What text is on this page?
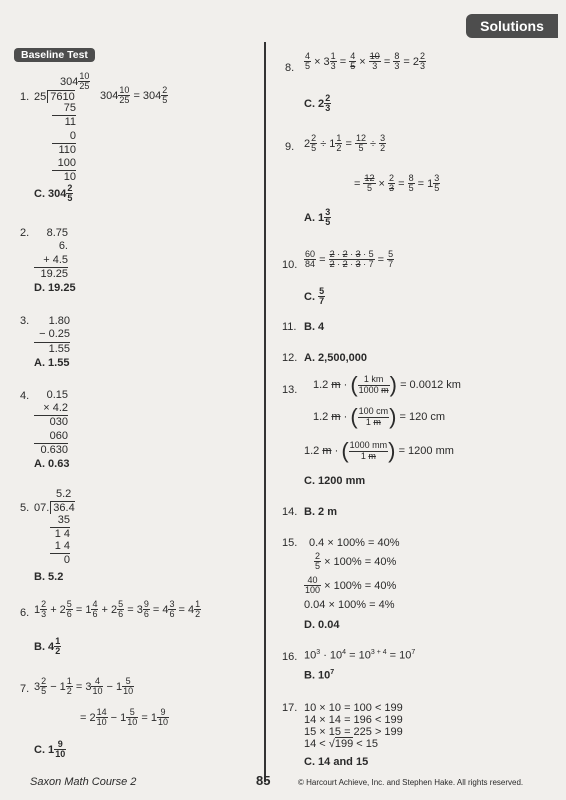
Solutions
Baseline Test
1.
$304 \frac{10}{25}$
25 7610
75
11
0
110
100
10
$304 \frac{10}{25} = 304 \frac{2}{5}$
C. $304 \frac{2}{5}$
2.	8.75
6.
+ 4.5
19.25
D. 19.25
3.	1.80
− 0.25
1.55
A. 1.55
4.	0.15
× 4.2
030
060
0.630
A. 0.63
5.
5.2
07. 36.4
35
1 4
1 4
0
B. 5.2
6. $1 \frac{2}{3} + 2 \frac{5}{6} = 1 \frac{4}{6} + 2 \frac{5}{6} = 3 \frac{9}{6} = 4 \frac{3}{6} = 4 \frac{1}{2}$
B. $4 \frac{1}{2}$
7. $3 \frac{2}{5} - 1 \frac{1}{2} = 3 \frac{4}{10} - 1 \frac{5}{10}$
= $2 \frac{14}{10} - 1 \frac{5}{10} = 1 \frac{9}{10}$
C. $1 \frac{9}{10}$
8. $\frac{4}{5} \times 3 \frac{1}{3} = \frac{4}{5} \times \frac{10}{3} = \frac{8}{3} = 2 \frac{2}{3}$
C. $2 \frac{2}{3}$
9. $2 \frac{2}{5} \div 1 \frac{1}{2} = \frac{12}{5} \div \frac{3}{2}$
= $\frac{12}{5} \times \frac{2}{3} = \frac{8}{5} = 1 \frac{3}{5}$
A. $1 \frac{3}{5}$
10. $\frac{60}{84} = \frac{2 \cdot 2 \cdot 3 \cdot 5}{2 \cdot 2 \cdot 3 \cdot 7} = \frac{5}{7}$
C. $\frac{5}{7}$
11. B. 4
12. A. 2,500,000
13. 1.2 m · ( $\frac{1 km}{1000 m}$ ) = 0.0012 km
1.2 m · ( $\frac{100 cm}{1 m}$ ) = 120 cm
1.2 m · ( $\frac{1000 mm}{1 m}$ ) = 1200 mm
C. 1200 mm
14. B. 2 m
15. 0.4 × 100% = 40%
$\frac{2}{5} \times 100\% = 40\%$
$\frac{40}{100} \times 100\% = 40\%$
0.04 × 100% = 4%
D. 0.04
16. $10^3 \cdot 10^4 = 10^{3 + 4} = 10^7$
B. $10^7$
17. 10 × 10 = 100 < 199
14 × 14 = 196 < 199
15 × 15 = 225 > 199
14 < √199 < 15
C. 14 and 15
Saxon Math Course 2	85	© Harcourt Achieve, Inc. and Stephen Hake. All rights reserved.
